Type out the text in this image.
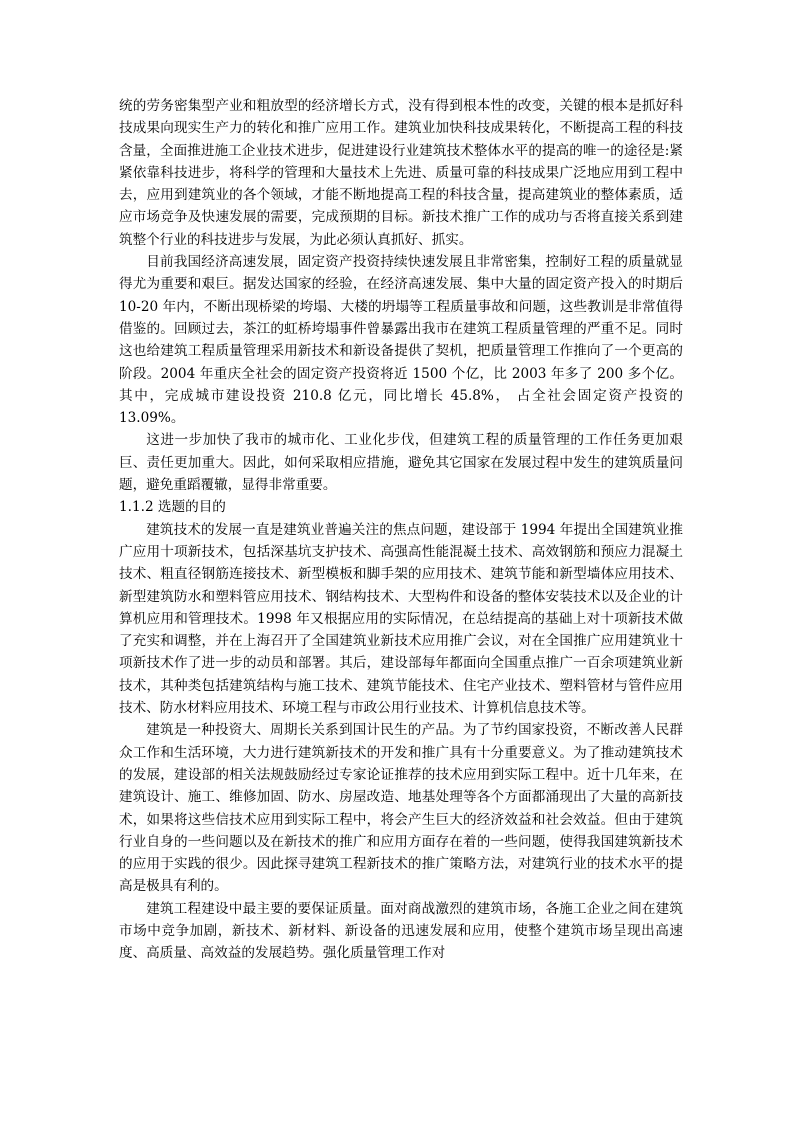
统的劳务密集型产业和粗放型的经济增长方式，没有得到根本性的改变，关键的根本是抓好科技成果向现实生产力的转化和推广应用工作。建筑业加快科技成果转化，不断提高工程的科技含量，全面推进施工企业技术进步，促进建设行业建筑技术整体水平的提高的唯一的途径是:紧紧依靠科技进步，将科学的管理和大量技术上先进、质量可靠的科技成果广泛地应用到工程中去，应用到建筑业的各个领域，才能不断地提高工程的科技含量，提高建筑业的整体素质，适应市场竞争及快速发展的需要，完成预期的目标。新技术推广工作的成功与否将直接关系到建筑整个行业的科技进步与发展，为此必须认真抓好、抓实。

目前我国经济高速发展，固定资产投资持续快速发展且非常密集，控制好工程的质量就显得尤为重要和艰巨。据发达国家的经验，在经济高速发展、集中大量的固定资产投入的时期后 10-20 年内，不断出现桥梁的垮塌、大楼的坍塌等工程质量事故和问题，这些教训是非常值得借鉴的。回顾过去，茶江的虹桥垮塌事件曾暴露出我市在建筑工程质量管理的严重不足。同时这也给建筑工程质量管理采用新技术和新设备提供了契机，把质量管理工作推向了一个更高的阶段。2004 年重庆全社会的固定资产投资将近 1500 个亿，比 2003 年多了 200 多个亿。其中，完成城市建设投资 210.8 亿元，同比增长 45.8%， 占全社会固定资产投资的 13.09%。

这进一步加快了我市的城市化、工业化步伐，但建筑工程的质量管理的工作任务更加艰巨、责任更加重大。因此，如何采取相应措施，避免其它国家在发展过程中发生的建筑质量问题，避免重蹈覆辙，显得非常重要。

1.1.2 选题的目的

建筑技术的发展一直是建筑业普遍关注的焦点问题，建设部于 1994 年提出全国建筑业推广应用十项新技术，包括深基坑支护技术、高强高性能混凝土技术、高效钢筋和预应力混凝土技术、粗直径钢筋连接技术、新型模板和脚手架的应用技术、建筑节能和新型墙体应用技术、新型建筑防水和塑料管应用技术、钢结构技术、大型构件和设备的整体安装技术以及企业的计算机应用和管理技术。1998 年又根据应用的实际情况，在总结提高的基础上对十项新技术做了充实和调整，并在上海召开了全国建筑业新技术应用推广会议，对在全国推广应用建筑业十项新技术作了进一步的动员和部署。其后，建设部每年都面向全国重点推广一百余项建筑业新技术，其种类包括建筑结构与施工技术、建筑节能技术、住宅产业技术、塑料管材与管件应用技术、防水材料应用技术、环境工程与市政公用行业技术、计算机信息技术等。

建筑是一种投资大、周期长关系到国计民生的产品。为了节约国家投资，不断改善人民群众工作和生活环境，大力进行建筑新技术的开发和推广具有十分重要意义。为了推动建筑技术的发展，建设部的相关法规鼓励经过专家论证推荐的技术应用到实际工程中。近十几年来，在建筑设计、施工、维修加固、防水、房屋改造、地基处理等各个方面都涌现出了大量的高新技术，如果将这些信技术应用到实际工程中，将会产生巨大的经济效益和社会效益。但由于建筑行业自身的一些问题以及在新技术的推广和应用方面存在着的一些问题，使得我国建筑新技术的应用于实践的很少。因此探寻建筑工程新技术的推广策略方法，对建筑行业的技术水平的提高是极具有利的。

建筑工程建设中最主要的要保证质量。面对商战激烈的建筑市场，各施工企业之间在建筑市场中竞争加剧，新技术、新材料、新设备的迅速发展和应用，使整个建筑市场呈现出高速度、高质量、高效益的发展趋势。强化质量管理工作对
